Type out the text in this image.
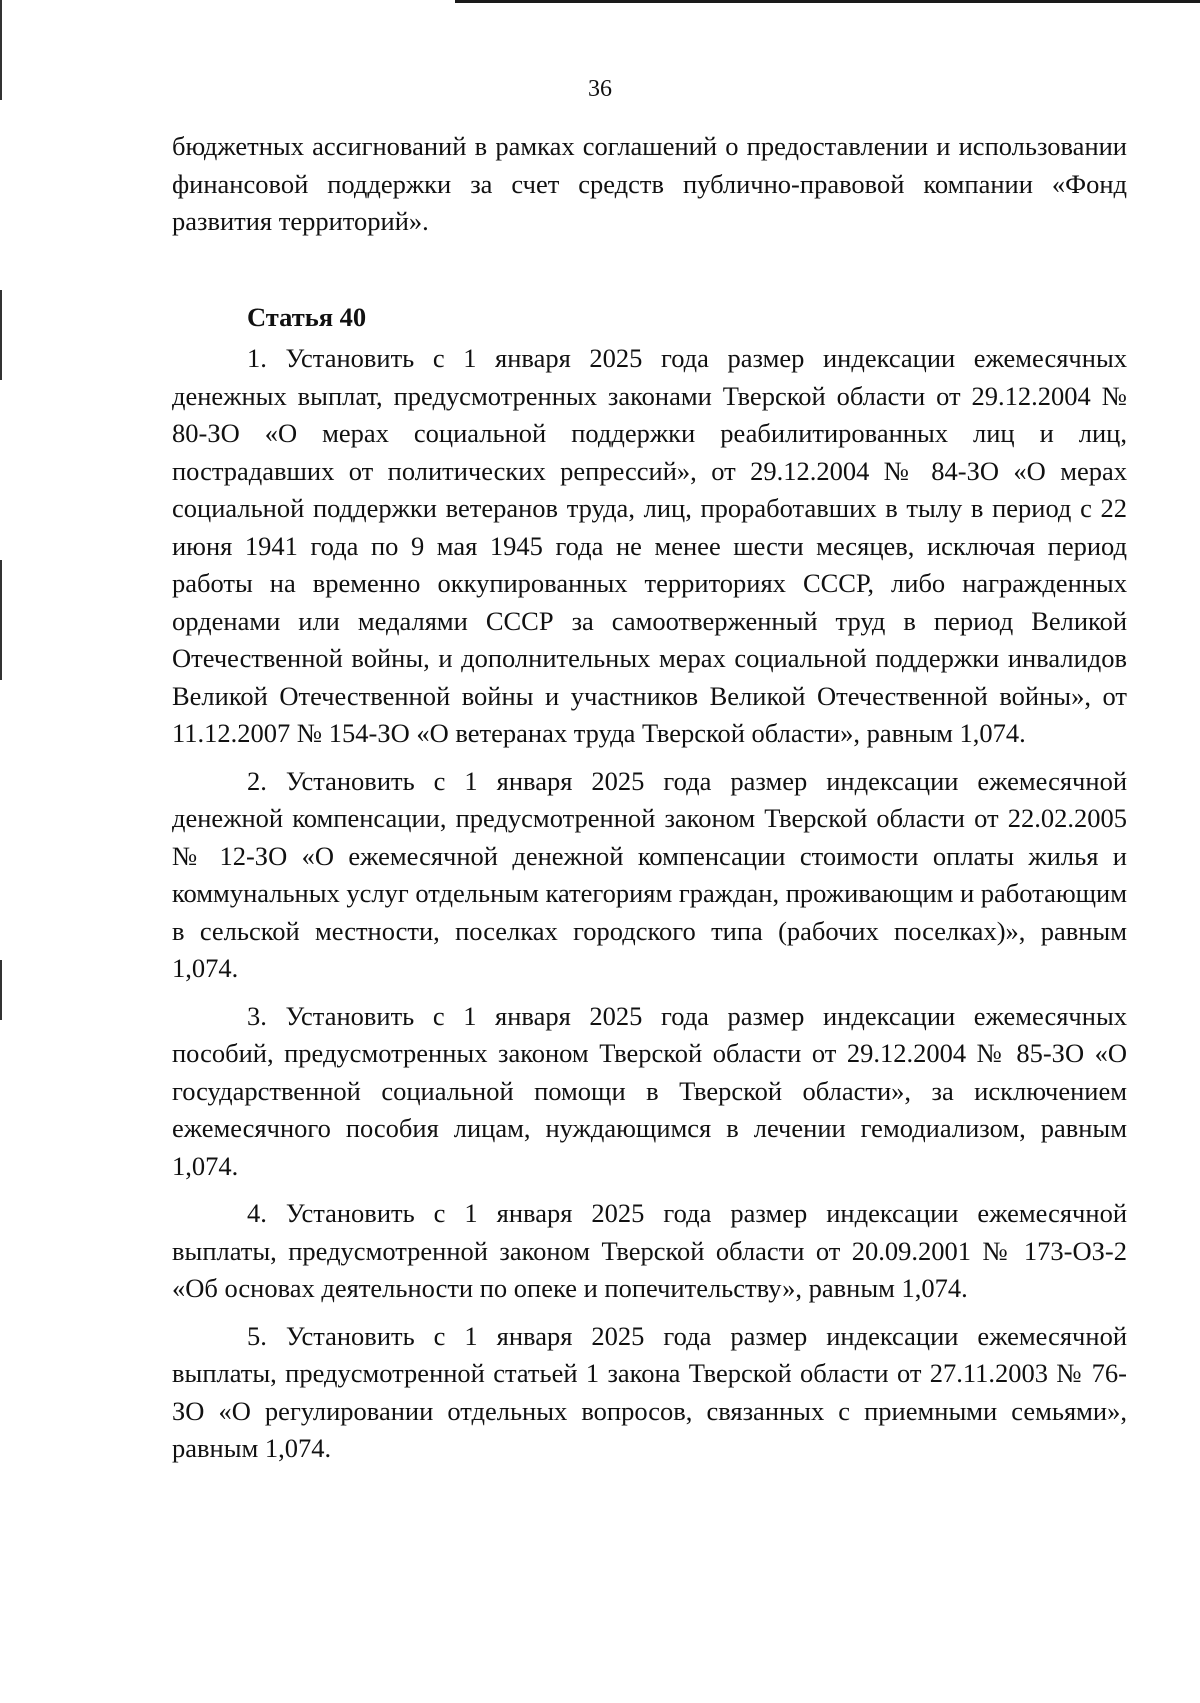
36

бюджетных ассигнований в рамках соглашений о предоставлении и использовании финансовой поддержки за счет средств публично-правовой компании «Фонд развития территорий».

Статья 40

1. Установить с 1 января 2025 года размер индексации ежемесячных денежных выплат, предусмотренных законами Тверской области от 29.12.2004 № 80-ЗО «О мерах социальной поддержки реабилитированных лиц и лиц, пострадавших от политических репрессий», от 29.12.2004 № 84-ЗО «О мерах социальной поддержки ветеранов труда, лиц, проработавших в тылу в период с 22 июня 1941 года по 9 мая 1945 года не менее шести месяцев, исключая период работы на временно оккупированных территориях СССР, либо награжденных орденами или медалями СССР за самоотверженный труд в период Великой Отечественной войны, и дополнительных мерах социальной поддержки инвалидов Великой Отечественной войны и участников Великой Отечественной войны», от 11.12.2007 № 154-ЗО «О ветеранах труда Тверской области», равным 1,074.

2. Установить с 1 января 2025 года размер индексации ежемесячной денежной компенсации, предусмотренной законом Тверской области от 22.02.2005 № 12-ЗО «О ежемесячной денежной компенсации стоимости оплаты жилья и коммунальных услуг отдельным категориям граждан, проживающим и работающим в сельской местности, поселках городского типа (рабочих поселках)», равным 1,074.

3. Установить с 1 января 2025 года размер индексации ежемесячных пособий, предусмотренных законом Тверской области от 29.12.2004 № 85-ЗО «О государственной социальной помощи в Тверской области», за исключением ежемесячного пособия лицам, нуждающимся в лечении гемодиализом, равным 1,074.

4. Установить с 1 января 2025 года размер индексации ежемесячной выплаты, предусмотренной законом Тверской области от 20.09.2001 № 173-ОЗ-2 «Об основах деятельности по опеке и попечительству», равным 1,074.

5. Установить с 1 января 2025 года размер индексации ежемесячной выплаты, предусмотренной статьей 1 закона Тверской области от 27.11.2003 № 76-ЗО «О регулировании отдельных вопросов, связанных с приемными семьями», равным 1,074.
